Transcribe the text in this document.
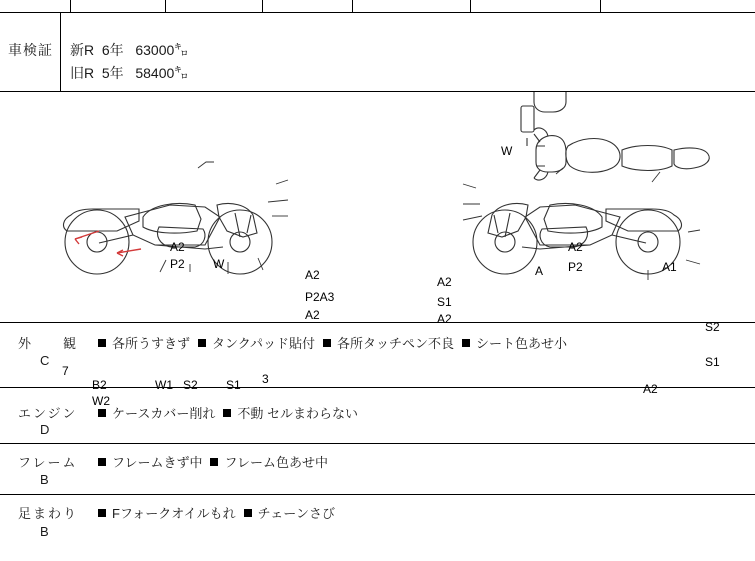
車検証 新R  6年   63000㌔
旧R  5年   58400㌔
W
A2
P2 W
A2
P2A3
A2
7
B2
W2
W1 S2 S1 3
A2
P2
A	A1
A2
S1
A2
S2
S1
A2
外　　観
C
各所うすきず タンクパッド貼付 各所タッチペン不良 シート色あせ小
エンジン
D
ケースカバー削れ 不動 セルまわらない
フレーム
B
フレームきず中 フレーム色あせ中
足まわり
B
Fフォークオイルもれ チェーンさび
